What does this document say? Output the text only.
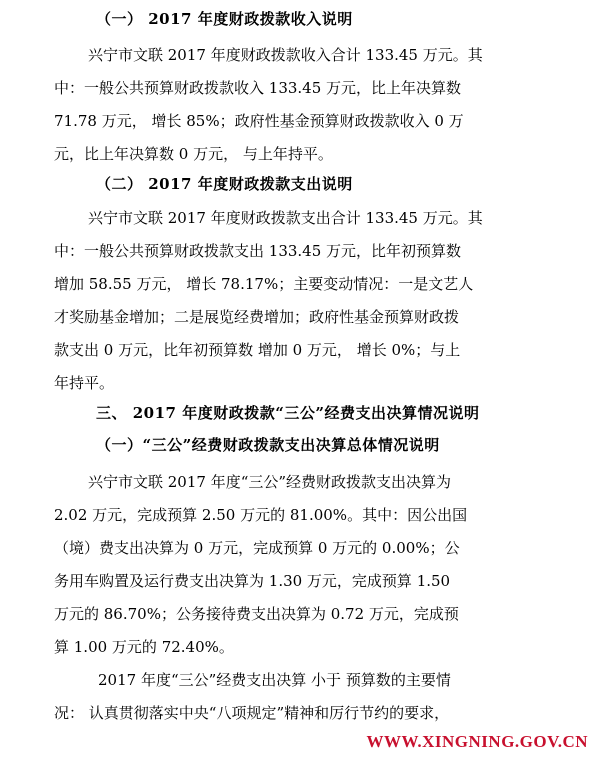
（一） 2017 年度财政拨款收入说明
兴宁市文联 2017 年度财政拨款收入合计 133.45 万元。其
中：一般公共预算财政拨款收入 133.45 万元，比上年决算数
71.78 万元， 增长 85%；政府性基金预算财政拨款收入 0 万
元，比上年决算数 0 万元， 与上年持平。
（二） 2017 年度财政拨款支出说明
兴宁市文联 2017 年度财政拨款支出合计 133.45 万元。其
中：一般公共预算财政拨款支出 133.45 万元，比年初预算数
增加 58.55 万元， 增长 78.17%；主要变动情况：一是文艺人
才奖励基金增加；二是展览经费增加；政府性基金预算财政拨
款支出 0 万元，比年初预算数 增加 0 万元， 增长 0%；与上
年持平。
三、 2017 年度财政拨款“三公”经费支出决算情况说明
（一）“三公”经费财政拨款支出决算总体情况说明
兴宁市文联 2017 年度“三公”经费财政拨款支出决算为
2.02 万元，完成预算 2.50 万元的 81.00%。其中：因公出国
（境）费支出决算为 0 万元，完成预算 0 万元的 0.00%；公
务用车购置及运行费支出决算为 1.30 万元，完成预算 1.50
万元的 86.70%；公务接待费支出决算为 0.72 万元，完成预
算 1.00 万元的 72.40%。
2017 年度“三公”经费支出决算 小于 预算数的主要情
况： 认真贯彻落实中央“八项规定”精神和厉行节约的要求，
WWW.XINGNING.GOV.CN
